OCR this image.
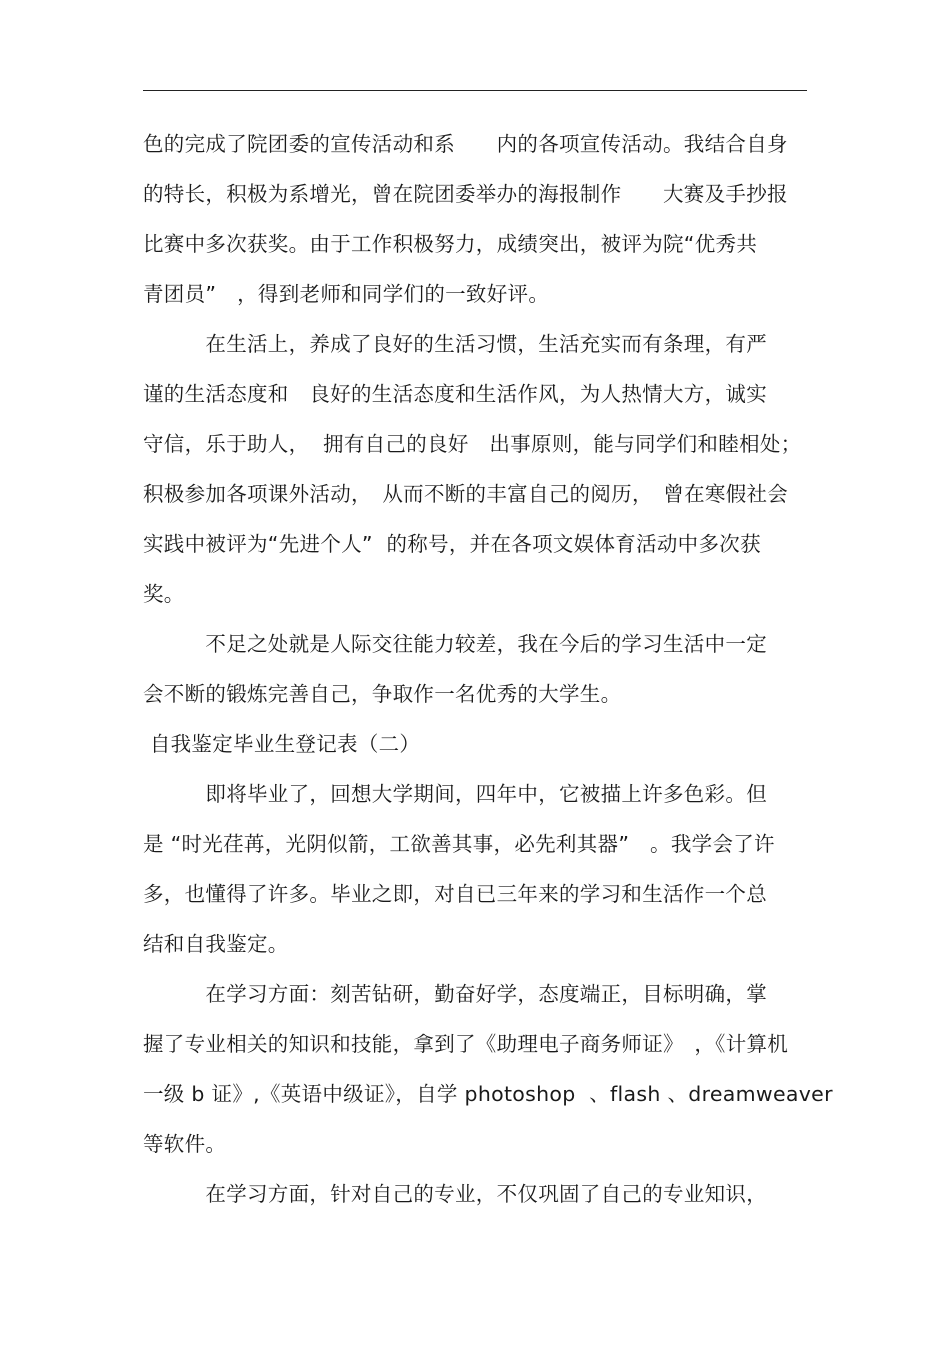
色的完成了院团委的宣传活动和系　　内的各项宣传活动。我结合自身
的特长，积极为系增光，曾在院团委举办的海报制作　　大赛及手抄报
比赛中多次获奖。由于工作积极努力，成绩突出，被评为院“优秀共
青团员”　，得到老师和同学们的一致好评。
　　　在生活上，养成了良好的生活习惯，生活充实而有条理，有严
谨的生活态度和　良好的生活态度和生活作风，为人热情大方，诚实
守信，乐于助人，  拥有自己的良好　出事原则，能与同学们和睦相处；
积极参加各项课外活动，　从而不断的丰富自己的阅历，　曾在寒假社会
实践中被评为“先进个人”  的称号，并在各项文娱体育活动中多次获
奖。
　　　不足之处就是人际交往能力较差，我在今后的学习生活中一定
会不断的锻炼完善自己，争取作一名优秀的大学生。
自我鉴定毕业生登记表（二）
　　　即将毕业了，回想大学期间，四年中，它被描上许多色彩。但
是 “时光荏苒，光阴似箭，工欲善其事，必先利其器”　。我学会了许
多，也懂得了许多。毕业之即，对自已三年来的学习和生活作一个总
结和自我鉴定。
　　　在学习方面：刻苦钻研，勤奋好学，态度端正，目标明确，掌
握了专业相关的知识和技能，拿到了《助理电子商务师证》　，《计算机
一级 b 证》,《英语中级证》，自学 photoshop  、flash 、dreamweaver
等软件。
　　　在学习方面，针对自己的专业，不仅巩固了自己的专业知识，
